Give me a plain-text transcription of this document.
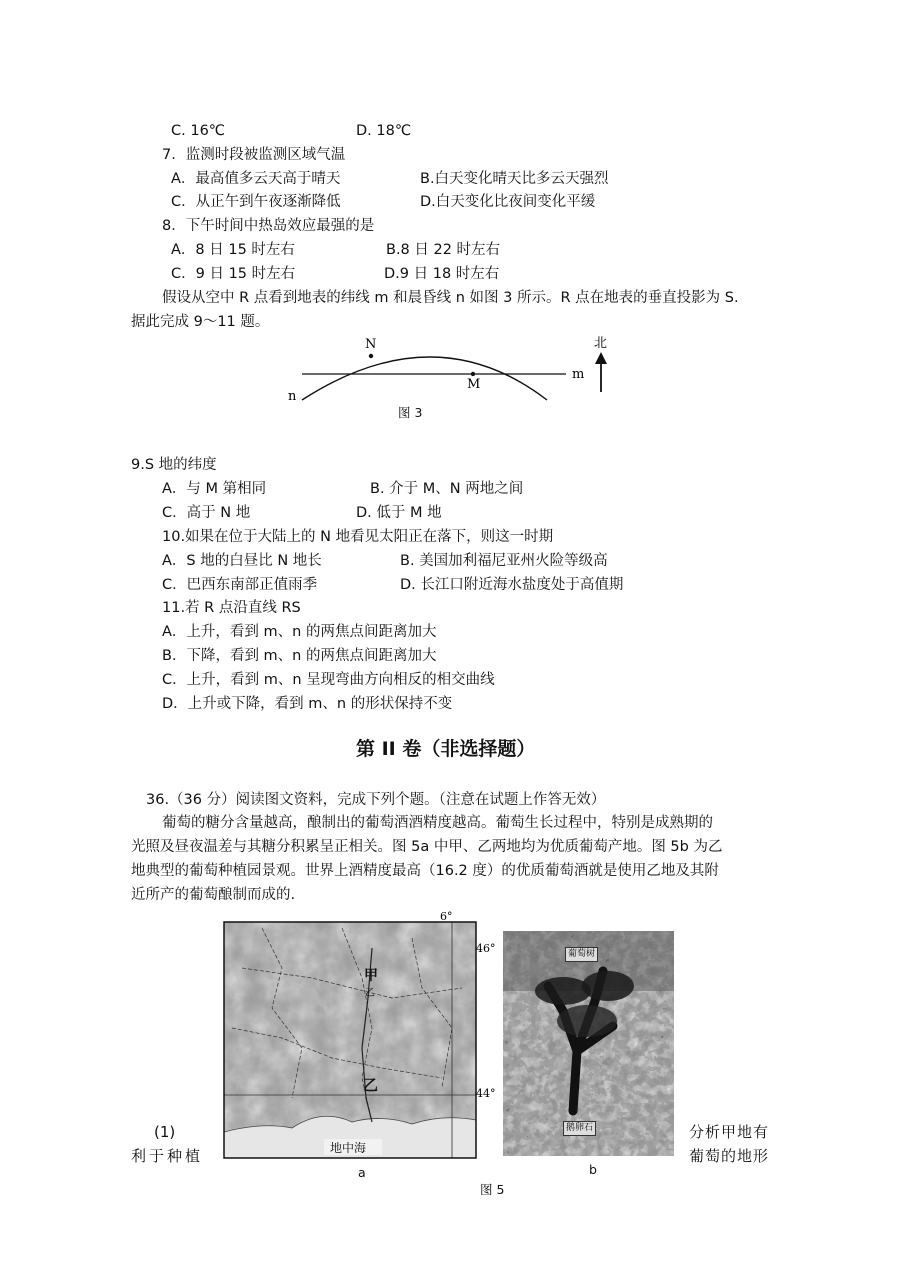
C. 16℃	D. 18℃
7．监测时段被监测区域气温
A．最高值多云天高于晴天	B.白天变化晴天比多云天强烈
C．从正午到午夜逐渐降低	D.白天变化比夜间变化平缓
8．下午时间中热岛效应最强的是
A．8 日 15 时左右	B.8 日 22 时左右
C．9 日 15 时左右	D.9 日 18 时左右
假设从空中 R 点看到地表的纬线 m 和晨昏线 n 如图 3 所示。R 点在地表的垂直投影为 S.
据此完成 9～11 题。
N
M
m
n
北
图 3
9.S 地的纬度
A．与 M 第相同	B. 介于 M、N 两地之间
C．高于 N 地	D. 低于 M 地
10.如果在位于大陆上的 N 地看见太阳正在落下，则这一时期
A．S 地的白昼比 N 地长	B. 美国加利福尼亚州火险等级高
C．巴西东南部正值雨季	D. 长江口附近海水盐度处于高值期
11.若 R 点沿直线 RS
A．上升，看到 m、n 的两焦点间距离加大
B．下降，看到 m、n 的两焦点间距离加大
C．上升，看到 m、n 呈现弯曲方向相反的相交曲线
D．上升或下降，看到 m、n 的形状保持不变
第 II 卷（非选择题）
36.（36 分）阅读图文资料，完成下列个题。（注意在试题上作答无效）
葡萄的糖分含量越高，酿制出的葡萄酒酒精度越高。葡萄生长过程中，特别是成熟期的
光照及昼夜温差与其糖分积累呈正相关。图 5a 中甲、乙两地均为优质葡萄产地。图 5b 为乙
地典型的葡萄种植园景观。世界上酒精度最高（16.2 度）的优质葡萄酒就是使用乙地及其附
近所产的葡萄酿制而成的.
6°
46°
44°
甲
乙
乙
地中海
葡萄树
鹅卵石
(1)
利于种植
分析甲地有
葡萄的地形
a	b
图 5
